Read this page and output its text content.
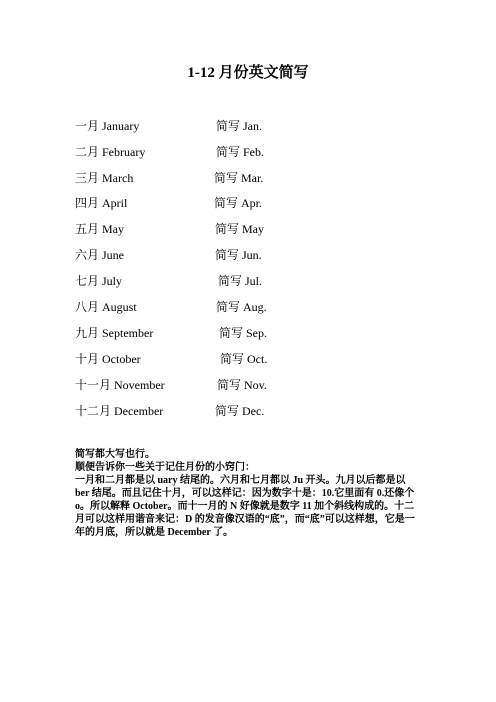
1-12 月份英文简写
一月 January	简写 Jan.
二月 February	简写 Feb.
三月 March	简写 Mar.
四月 April	简写 Apr.
五月 May	简写 May
六月 June	简写 Jun.
七月 July	简写 Jul.
八月 August	简写 Aug.
九月 September	简写 Sep.
十月 October	简写 Oct.
十一月 November	简写 Nov.
十二月 December	简写 Dec.

简写都大写也行。

顺便告诉你一些关于记住月份的小窍门：

一月和二月都是以 uary 结尾的。六月和七月都以 Ju 开头。九月以后都是以 ber 结尾。而且记住十月，可以这样记：因为数字十是：10.它里面有 0.还像个 o。所以解释 October。而十一月的 N 好像就是数字 11 加个斜线构成的。十二月可以这样用谐音来记：D 的发音像汉语的“底”，而“底”可以这样想，它是一年的月底，所以就是 December 了。
